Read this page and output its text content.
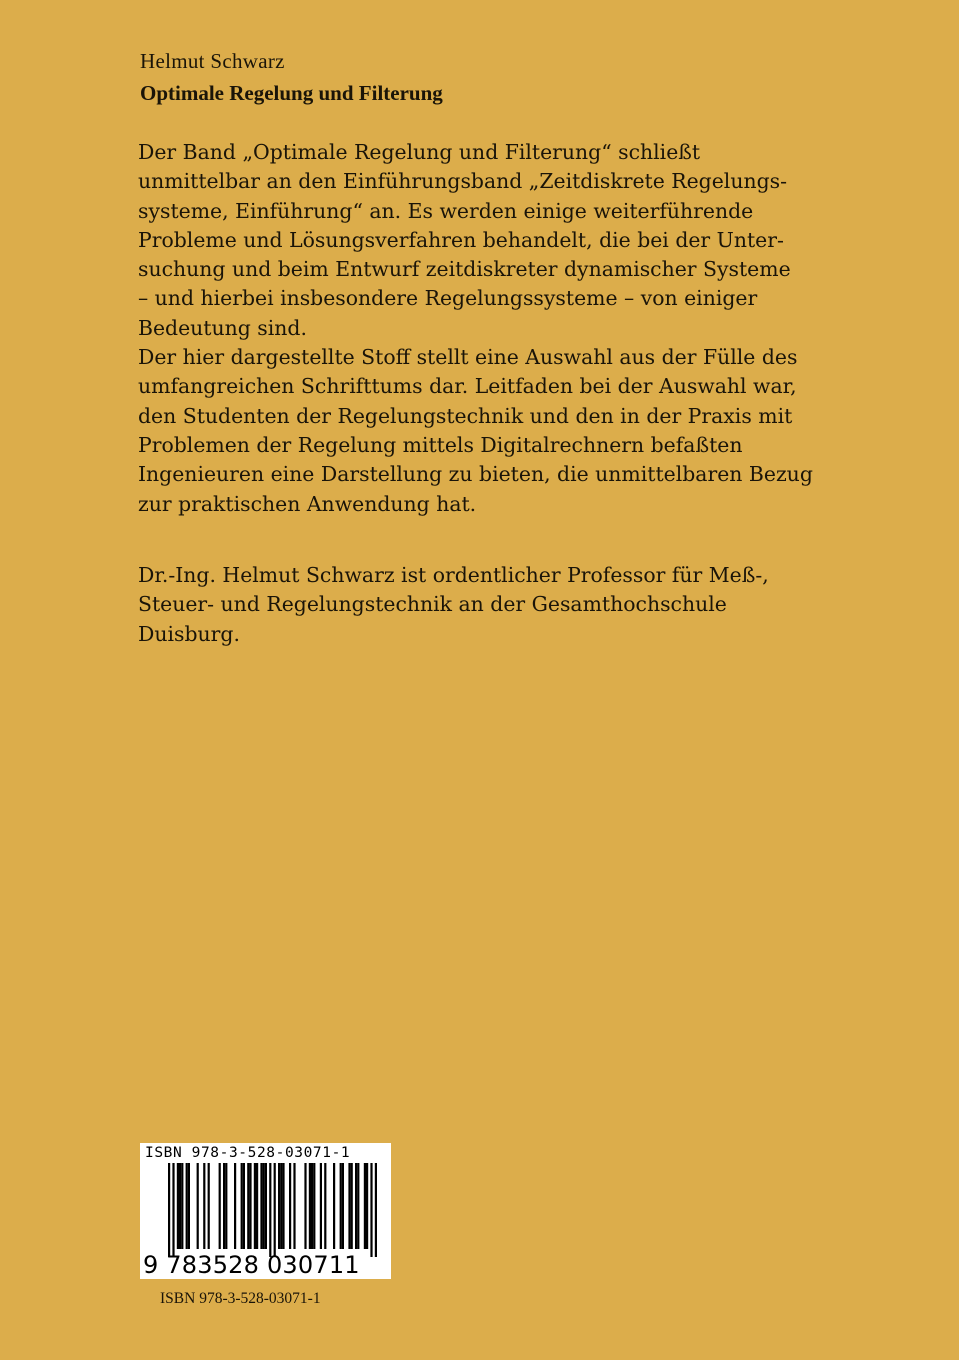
Helmut Schwarz
Optimale Regelung und Filterung
Der Band „Optimale Regelung und Filterung“ schließt
unmittelbar an den Einführungsband „Zeitdiskrete Regelungs-
systeme, Einführung“ an. Es werden einige weiterführende
Probleme und Lösungsverfahren behandelt, die bei der Unter-
suchung und beim Entwurf zeitdiskreter dynamischer Systeme
– und hierbei insbesondere Regelungssysteme – von einiger
Bedeutung sind.
Der hier dargestellte Stoff stellt eine Auswahl aus der Fülle des
umfangreichen Schrifttums dar. Leitfaden bei der Auswahl war,
den Studenten der Regelungstechnik und den in der Praxis mit
Problemen der Regelung mittels Digitalrechnern befaßten
Ingenieuren eine Darstellung zu bieten, die unmittelbaren Bezug
zur praktischen Anwendung hat.
Dr.-Ing. Helmut Schwarz ist ordentlicher Professor für Meß-,
Steuer- und Regelungstechnik an der Gesamthochschule
Duisburg.
ISBN 978-3-528-03071-1
9 783528 030711
ISBN 978-3-528-03071-1
